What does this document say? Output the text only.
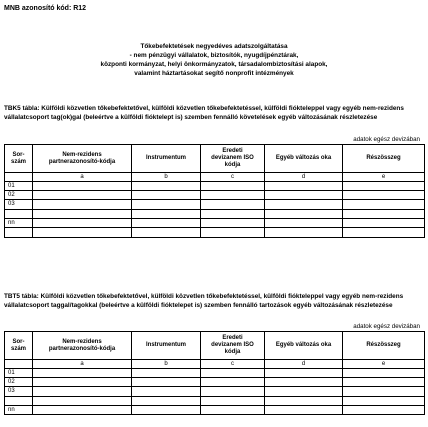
MNB azonosító kód: R12
Tőkebefektetések negyedéves adatszolgáltatása
- nem pénzügyi vállalatok, biztosítók, nyugdíjpénztárak,
központi kormányzat, helyi önkormányzatok, társadalombiztosítási alapok,
valamint háztartásokat segítő nonprofit intézmények
TBK5 tábla: Külföldi közvetlen tőkebefektetővel, külföldi közvetlen tőkebefektetéssel, külföldi fiókteleppel vagy egyéb nem-rezidens vállalatcsoport tag(ok)gal (beleértve a külföldi fióktelept is) szemben fennálló követelések egyéb változásának részletezése
adatok egész devizában
Sor-
szám	Nem-rezidens
partnerazonosító-kódja	Instrumentum	Eredeti
devizanem ISO
kódja	Egyéb változás oka	Részösszeg
	a	b	c	d	e
01					
02					
03					

nn					

TBT5 tábla: Külföldi közvetlen tőkebefektetővel, külföldi közvetlen tőkebefektetéssel, külföldi fiókteleppel vagy egyéb nem-rezidens vállalatcsoport taggal/tagokkal (beleértve a külföldi fióktelepet is) szemben fennálló tartozások egyéb változásának részletezése
adatok egész devizában
Sor-
szám	Nem-rezidens
partnerazonosító-kódja	Instrumentum	Eredeti
devizanem ISO
kódja	Egyéb változás oka	Részösszeg
	a	b	c	d	e
01					
02					
03					

nn					
